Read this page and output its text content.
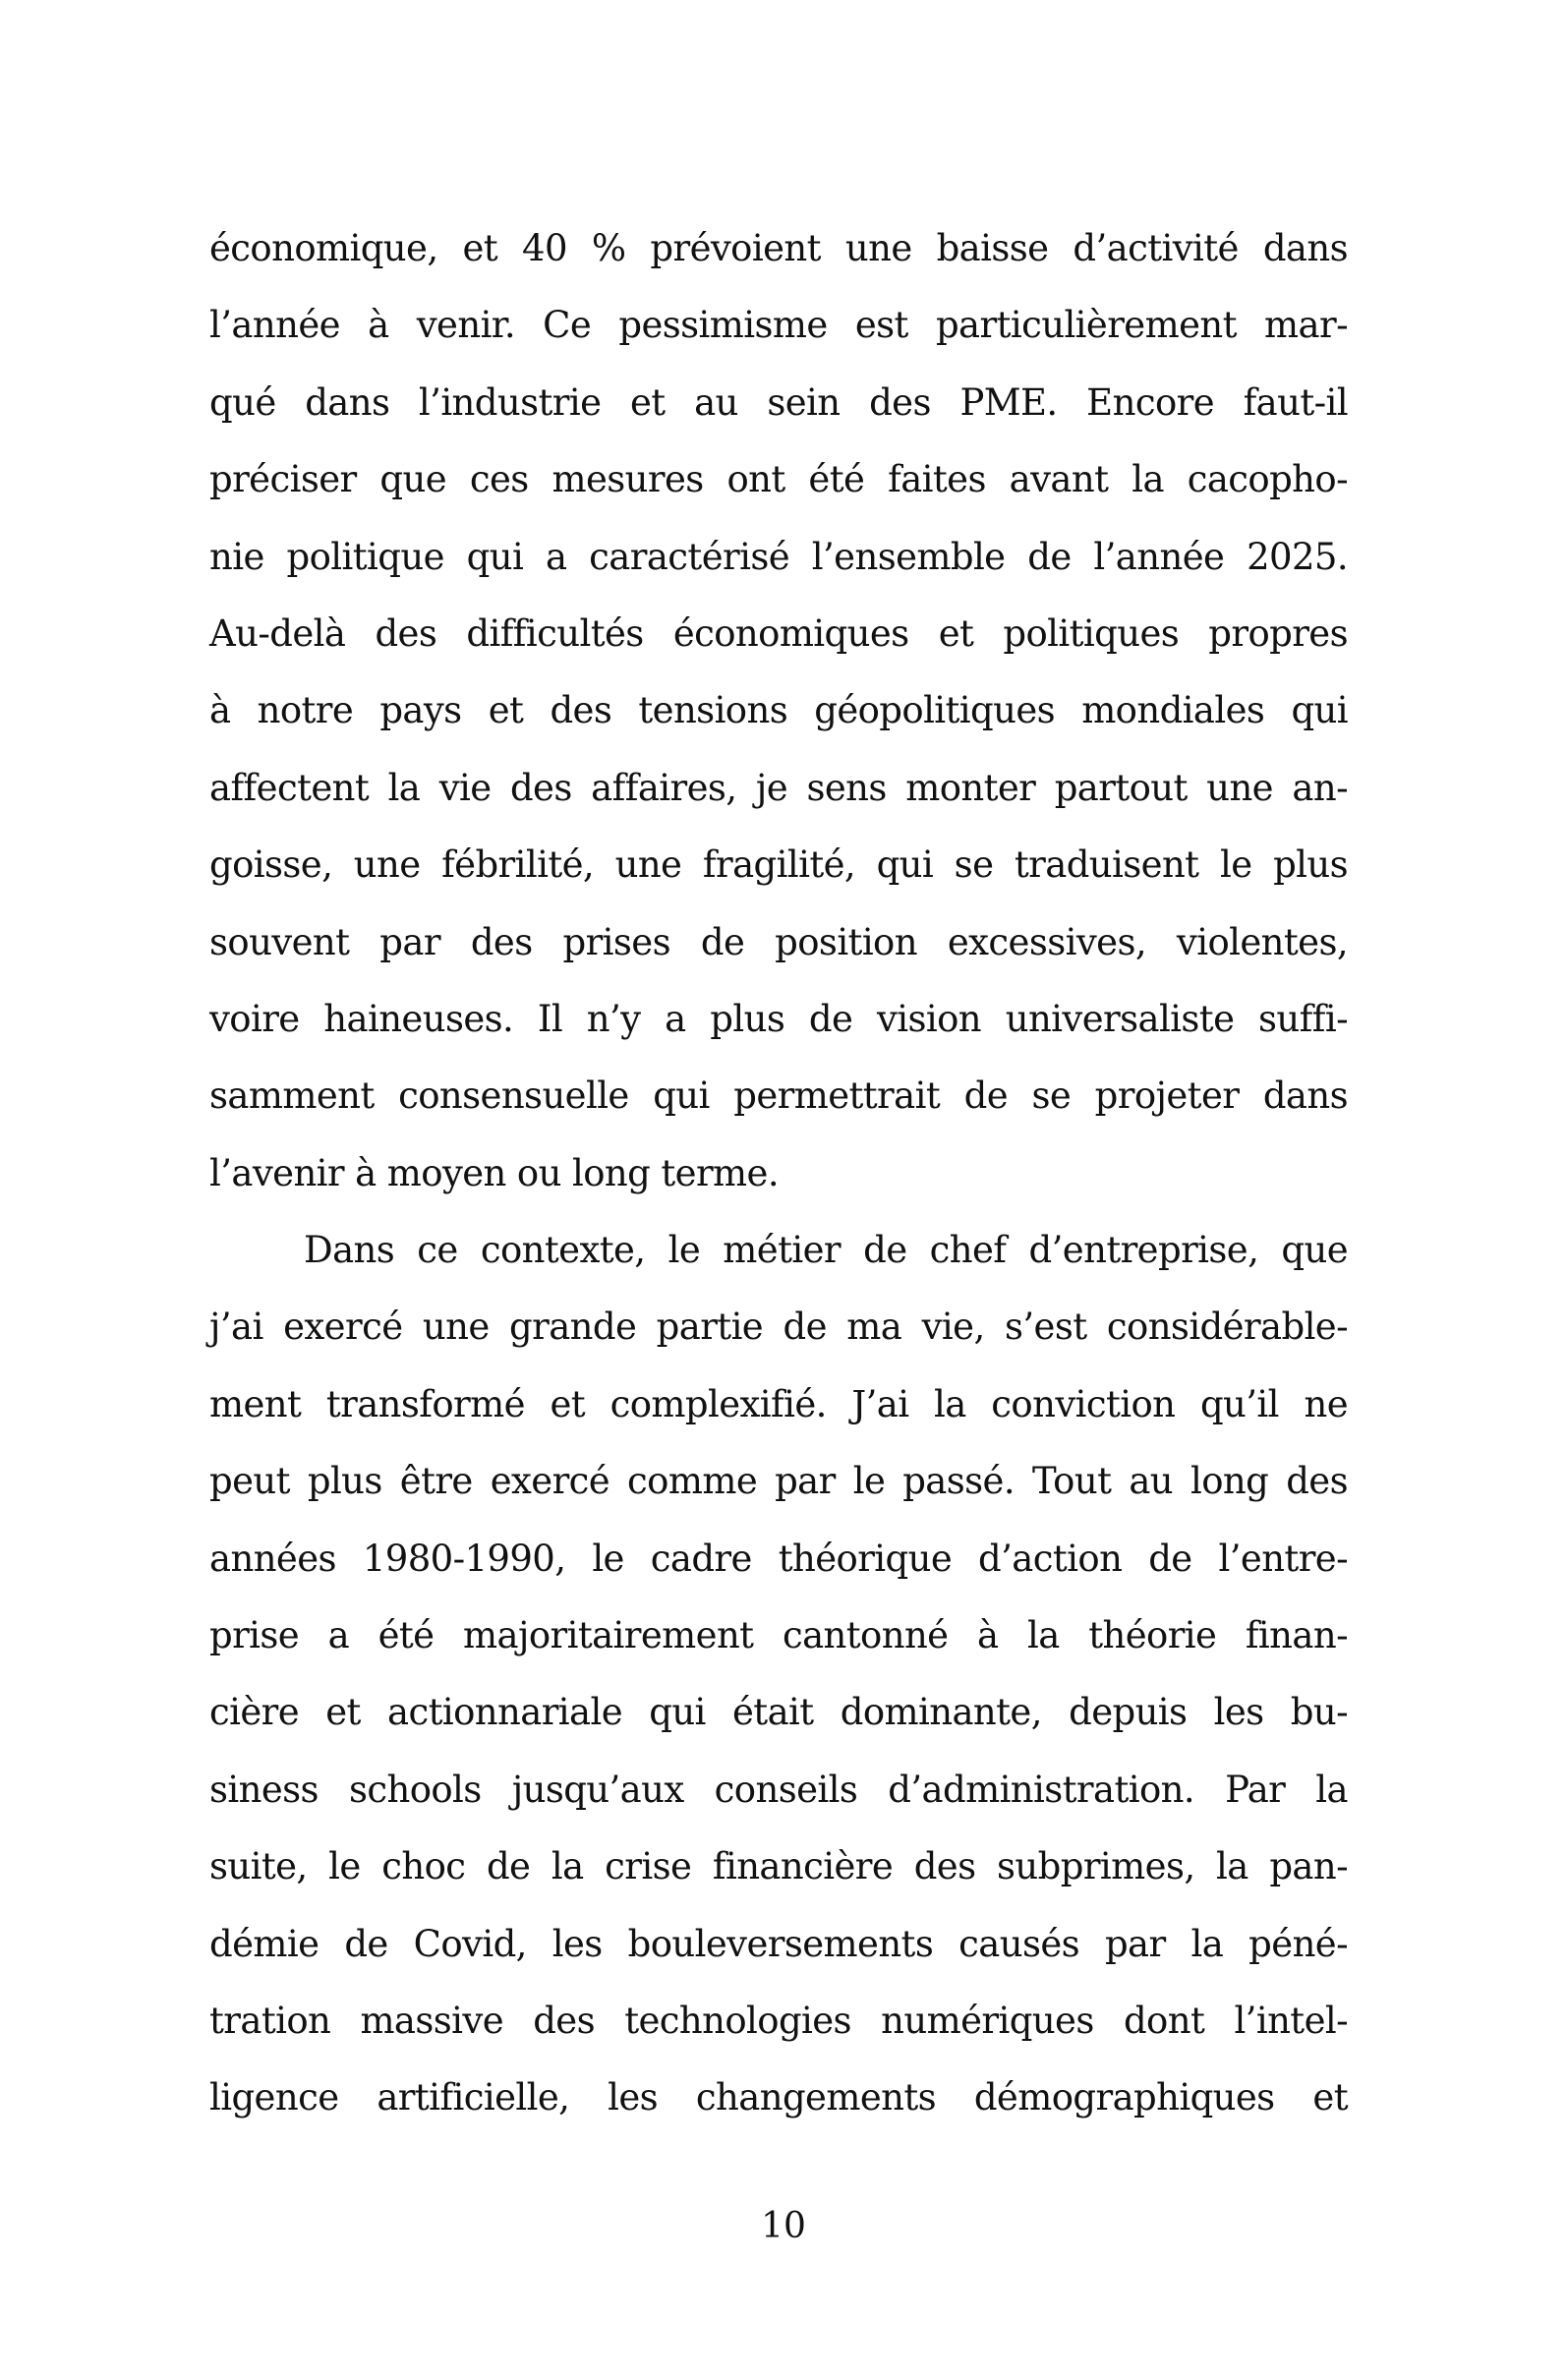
économique, et 40 % prévoient une baisse d’activité dans
l’année à venir. Ce pessimisme est particulièrement mar-
qué dans l’industrie et au sein des PME. Encore faut-il
préciser que ces mesures ont été faites avant la cacopho-
nie politique qui a caractérisé l’ensemble de l’année 2025.
Au-delà des difficultés économiques et politiques propres
à notre pays et des tensions géopolitiques mondiales qui
affectent la vie des affaires, je sens monter partout une an-
goisse, une fébrilité, une fragilité, qui se traduisent le plus
souvent par des prises de position excessives, violentes,
voire haineuses. Il n’y a plus de vision universaliste suffi-
samment consensuelle qui permettrait de se projeter dans
l’avenir à moyen ou long terme.
Dans ce contexte, le métier de chef d’entreprise, que
j’ai exercé une grande partie de ma vie, s’est considérable-
ment transformé et complexifié. J’ai la conviction qu’il ne
peut plus être exercé comme par le passé. Tout au long des
années 1980-1990, le cadre théorique d’action de l’entre-
prise a été majoritairement cantonné à la théorie finan-
cière et actionnariale qui était dominante, depuis les bu-
siness schools jusqu’aux conseils d’administration. Par la
suite, le choc de la crise financière des subprimes, la pan-
démie de Covid, les bouleversements causés par la péné-
tration massive des technologies numériques dont l’intel-
ligence artificielle, les changements démographiques et
10
